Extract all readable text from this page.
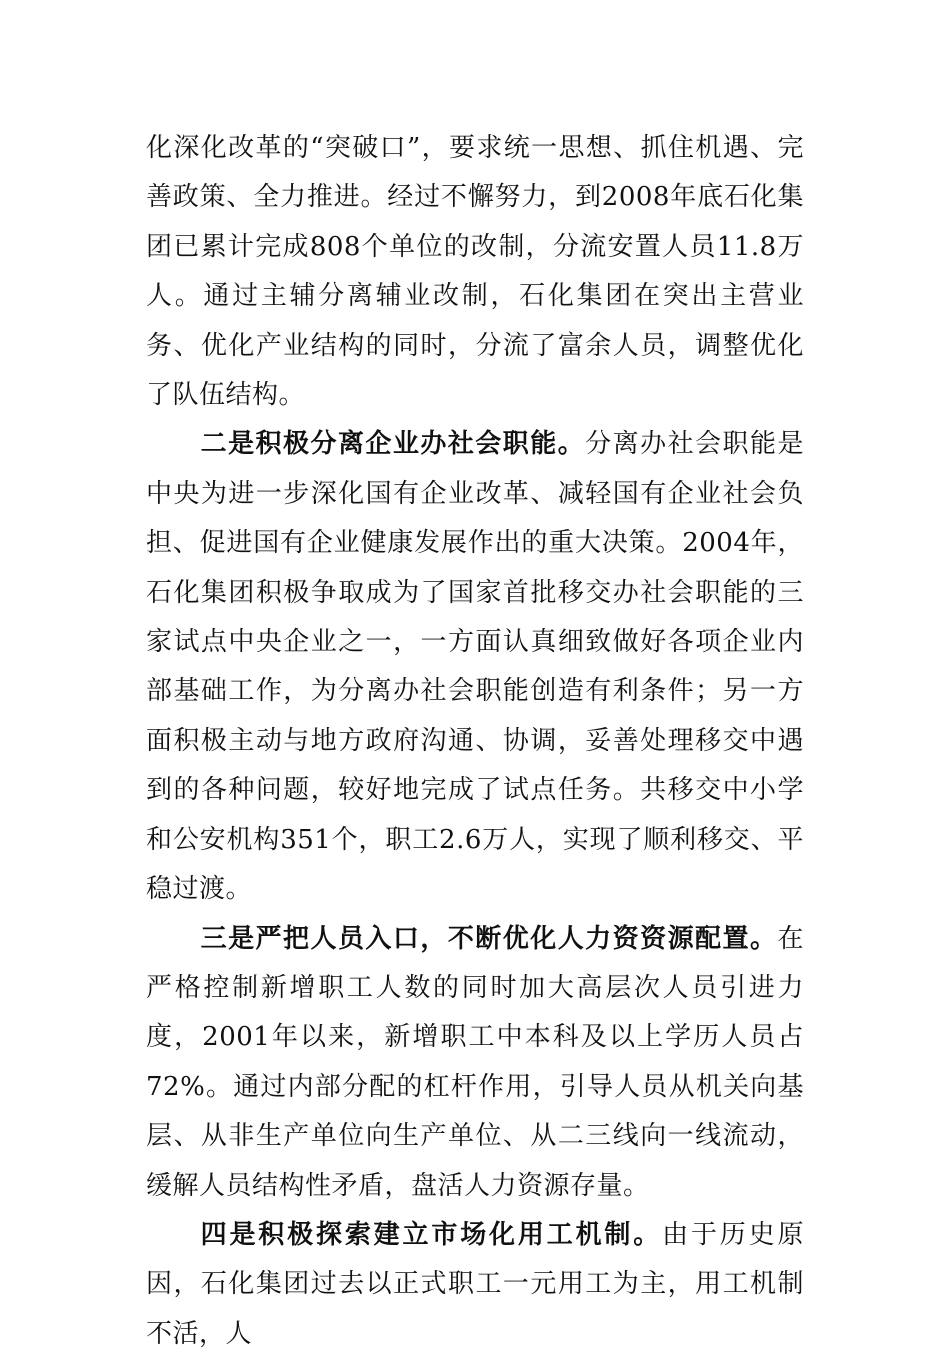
化深化改革的“突破口”，要求统一思想、抓住机遇、完善政策、全力推进。经过不懈努力，到2008年底石化集团已累计完成808个单位的改制，分流安置人员11.8万人。通过主辅分离辅业改制，石化集团在突出主营业务、优化产业结构的同时，分流了富余人员，调整优化了队伍结构。

二是积极分离企业办社会职能。分离办社会职能是中央为进一步深化国有企业改革、减轻国有企业社会负担、促进国有企业健康发展作出的重大决策。2004年，石化集团积极争取成为了国家首批移交办社会职能的三家试点中央企业之一，一方面认真细致做好各项企业内部基础工作，为分离办社会职能创造有利条件；另一方面积极主动与地方政府沟通、协调，妥善处理移交中遇到的各种问题，较好地完成了试点任务。共移交中小学和公安机构351个，职工2.6万人，实现了顺利移交、平稳过渡。

三是严把人员入口，不断优化人力资资源配置。在严格控制新增职工人数的同时加大高层次人员引进力度，2001年以来，新增职工中本科及以上学历人员占72%。通过内部分配的杠杆作用，引导人员从机关向基层、从非生产单位向生产单位、从二三线向一线流动，缓解人员结构性矛盾，盘活人力资源存量。

四是积极探索建立市场化用工机制。由于历史原因，石化集团过去以正式职工一元用工为主，用工机制不活，人
